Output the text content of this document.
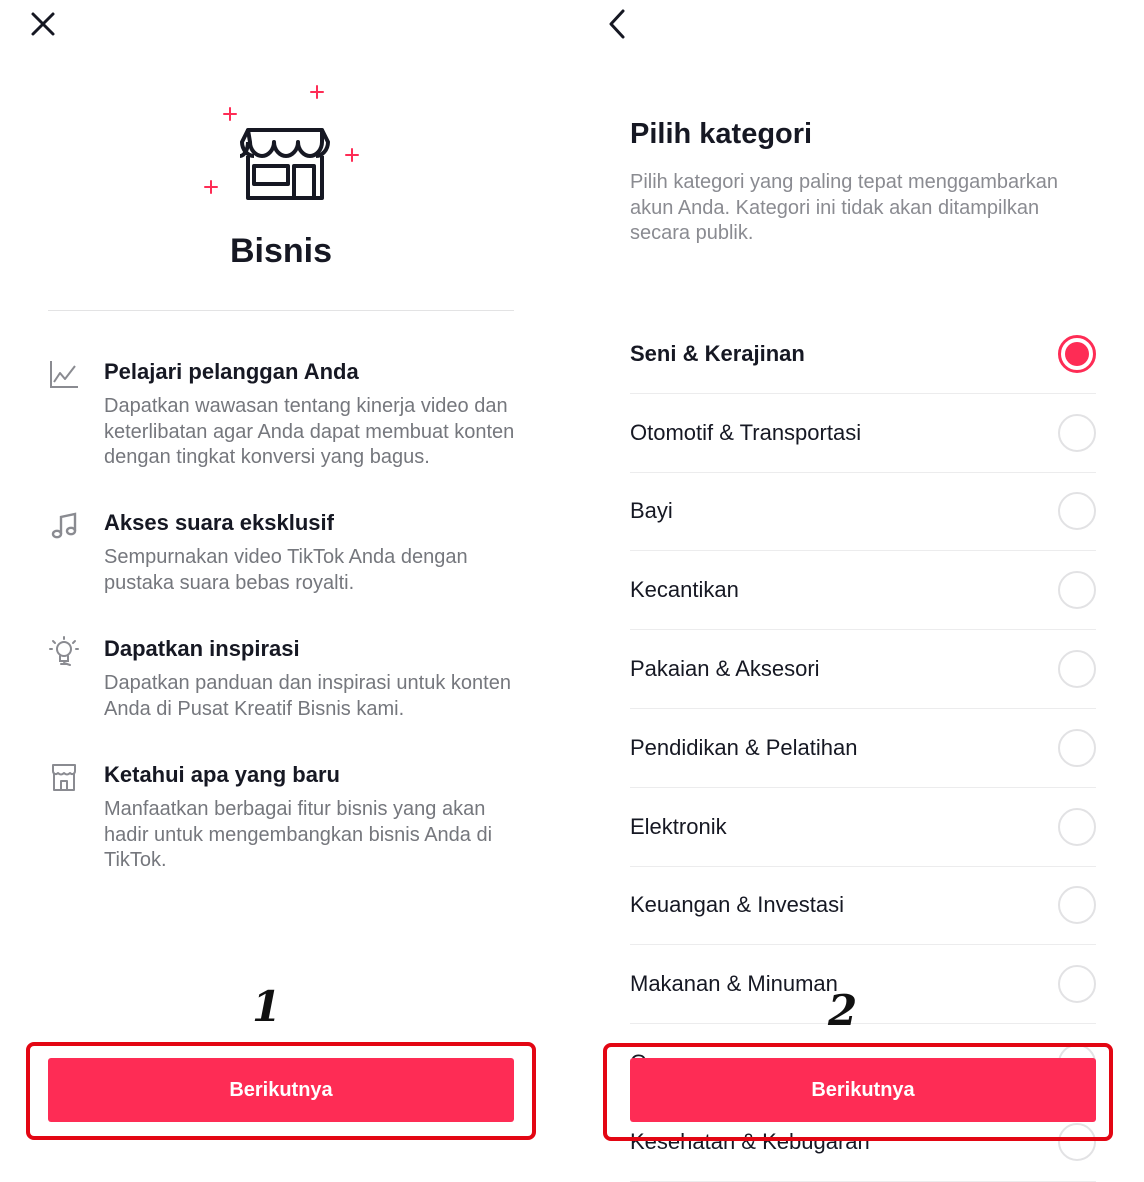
Bisnis
Pelajari pelanggan Anda
Dapatkan wawasan tentang kinerja video dan keterlibatan agar Anda dapat membuat konten dengan tingkat konversi yang bagus.
Akses suara eksklusif
Sempurnakan video TikTok Anda dengan pustaka suara bebas royalti.
Dapatkan inspirasi
Dapatkan panduan dan inspirasi untuk konten Anda di Pusat Kreatif Bisnis kami.
Ketahui apa yang baru
Manfaatkan berbagai fitur bisnis yang akan hadir untuk mengembangkan bisnis Anda di TikTok.
Berikutnya
1
Pilih kategori
Pilih kategori yang paling tepat menggambarkan akun Anda. Kategori ini tidak akan ditampilkan secara publik.
Seni & Kerajinan
Otomotif & Transportasi
Bayi
Kecantikan
Pakaian & Aksesori
Pendidikan & Pelatihan
Elektronik
Keuangan & Investasi
Makanan & Minuman
Kesehatan & Kebugaran
Berikutnya
2
